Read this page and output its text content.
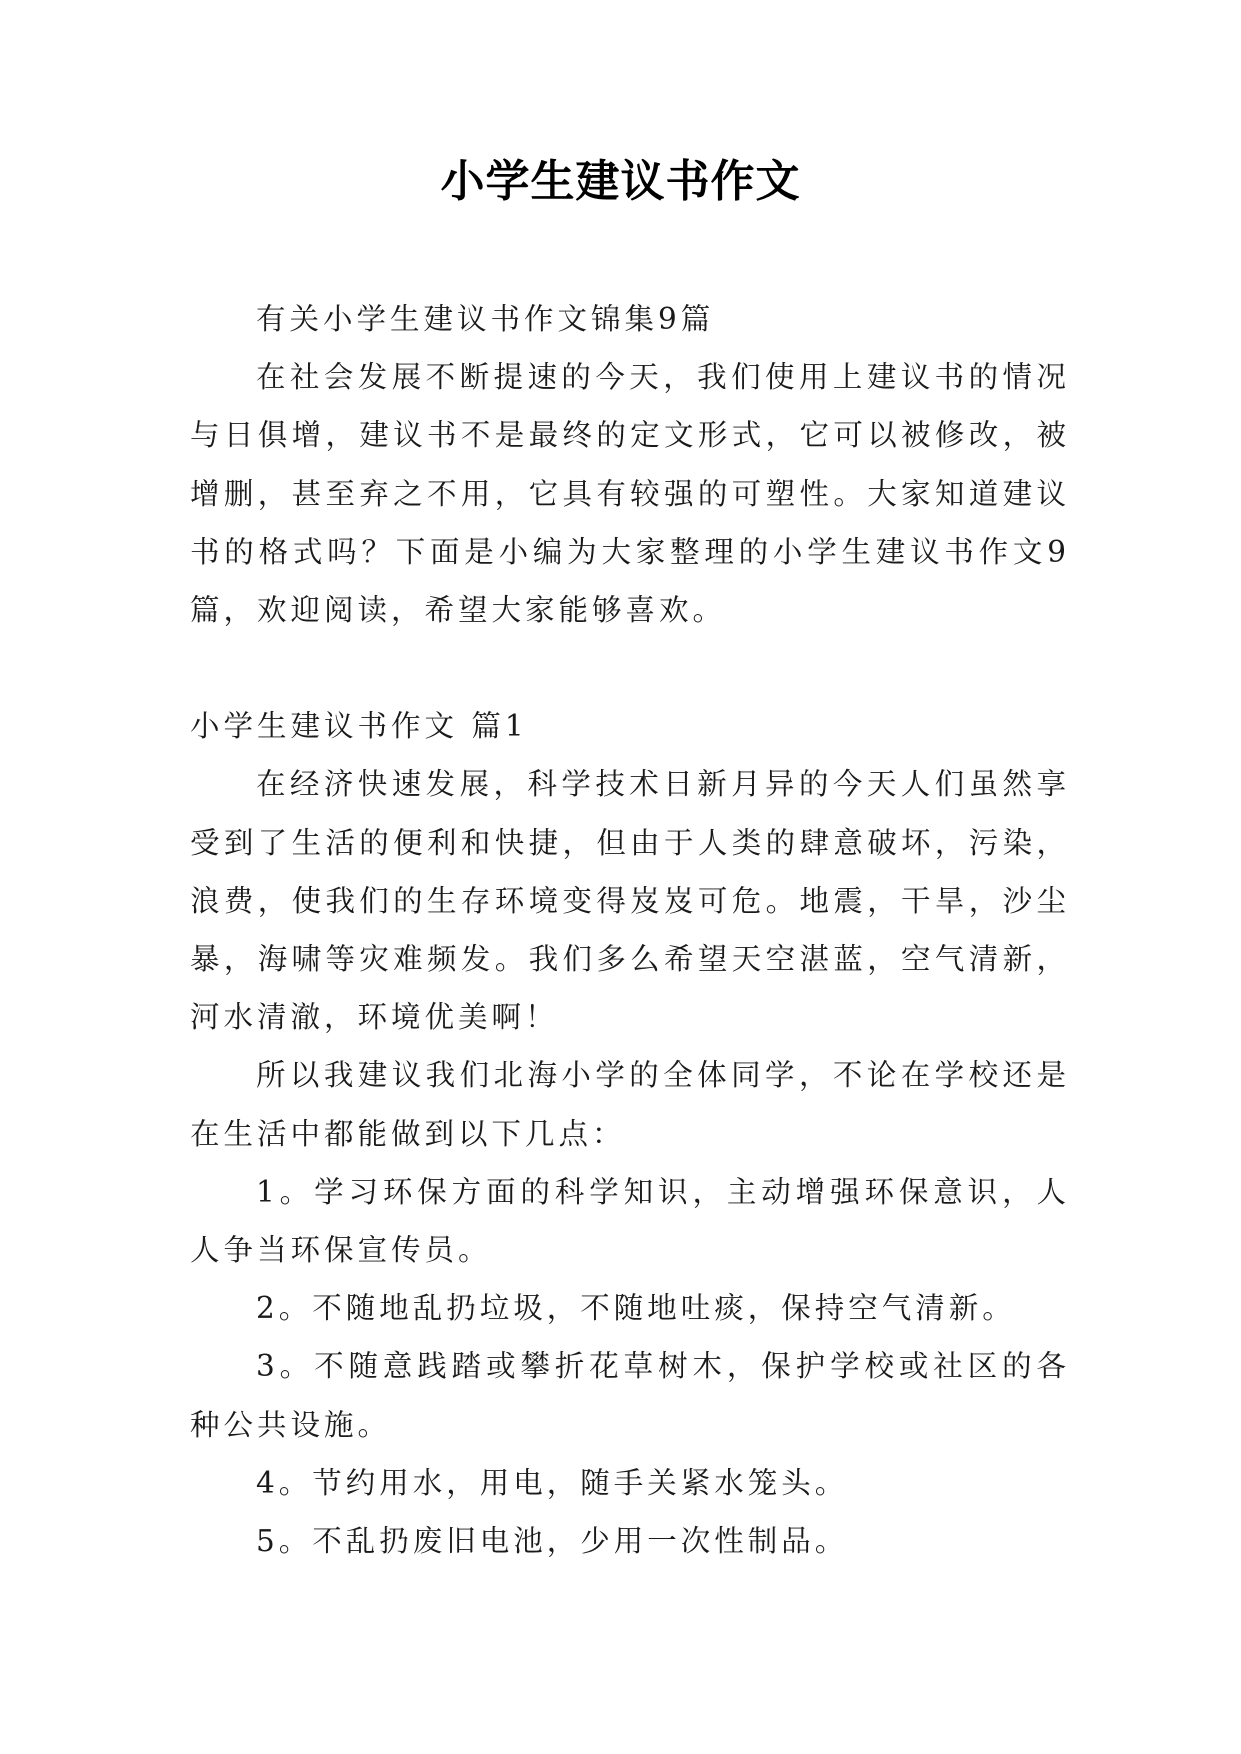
小学生建议书作文

有关小学生建议书作文锦集9篇

在社会发展不断提速的今天，我们使用上建议书的情况与日俱增，建议书不是最终的定文形式，它可以被修改，被增删，甚至弃之不用，它具有较强的可塑性。大家知道建议书的格式吗？下面是小编为大家整理的小学生建议书作文9篇，欢迎阅读，希望大家能够喜欢。

小学生建议书作文 篇1

在经济快速发展，科学技术日新月异的今天人们虽然享受到了生活的便利和快捷，但由于人类的肆意破坏，污染，浪费，使我们的生存环境变得岌岌可危。地震，干旱，沙尘暴，海啸等灾难频发。我们多么希望天空湛蓝，空气清新，河水清澈，环境优美啊！

所以我建议我们北海小学的全体同学，不论在学校还是在生活中都能做到以下几点：

1。学习环保方面的科学知识，主动增强环保意识，人人争当环保宣传员。

2。不随地乱扔垃圾，不随地吐痰，保持空气清新。

3。不随意践踏或攀折花草树木，保护学校或社区的各种公共设施。

4。节约用水，用电，随手关紧水笼头。

5。不乱扔废旧电池，少用一次性制品。
